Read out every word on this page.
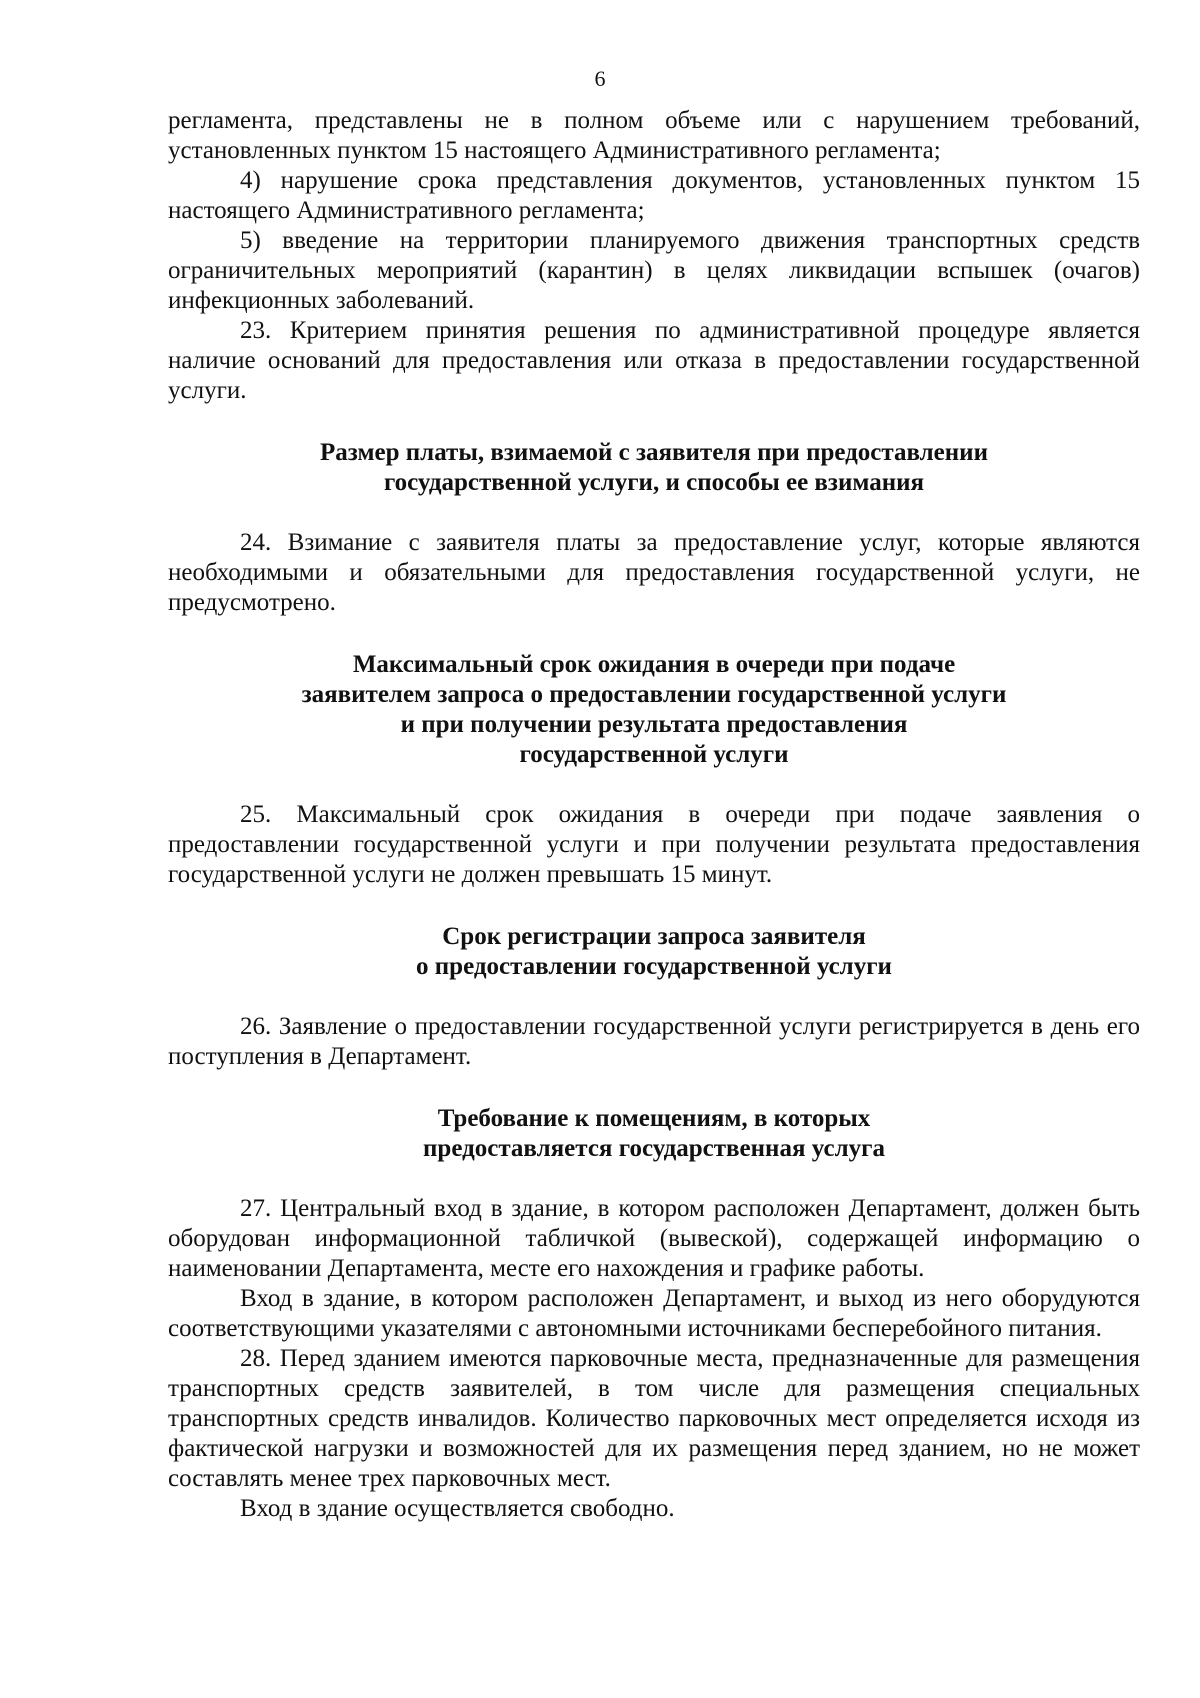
6

регламента, представлены не в полном объеме или с нарушением требований, установленных пунктом 15 настоящего Административного регламента;

4) нарушение срока представления документов, установленных пунктом 15 настоящего Административного регламента;

5) введение на территории планируемого движения транспортных средств ограничительных мероприятий (карантин) в целях ликвидации вспышек (очагов) инфекционных заболеваний.

23. Критерием принятия решения по административной процедуре является наличие оснований для предоставления или отказа в предоставлении государственной услуги.

Размер платы, взимаемой с заявителя при предоставлении
государственной услуги, и способы ее взимания

24. Взимание с заявителя платы за предоставление услуг, которые являются необходимыми и обязательными для предоставления государственной услуги, не предусмотрено.

Максимальный срок ожидания в очереди при подаче
заявителем запроса о предоставлении государственной услуги
и при получении результата предоставления
государственной услуги

25. Максимальный срок ожидания в очереди при подаче заявления о предоставлении государственной услуги и при получении результата предоставления государственной услуги не должен превышать 15 минут.

Срок регистрации запроса заявителя
о предоставлении государственной услуги

26. Заявление о предоставлении государственной услуги регистрируется в день его поступления в Департамент.

Требование к помещениям, в которых
предоставляется государственная услуга

27. Центральный вход в здание, в котором расположен Департамент, должен быть оборудован информационной табличкой (вывеской), содержащей информацию о наименовании Департамента, месте его нахождения и графике работы.

Вход в здание, в котором расположен Департамент, и выход из него оборудуются соответствующими указателями с автономными источниками бесперебойного питания.

28. Перед зданием имеются парковочные места, предназначенные для размещения транспортных средств заявителей, в том числе для размещения специальных транспортных средств инвалидов. Количество парковочных мест определяется исходя из фактической нагрузки и возможностей для их размещения перед зданием, но не может составлять менее трех парковочных мест.

Вход в здание осуществляется свободно.
